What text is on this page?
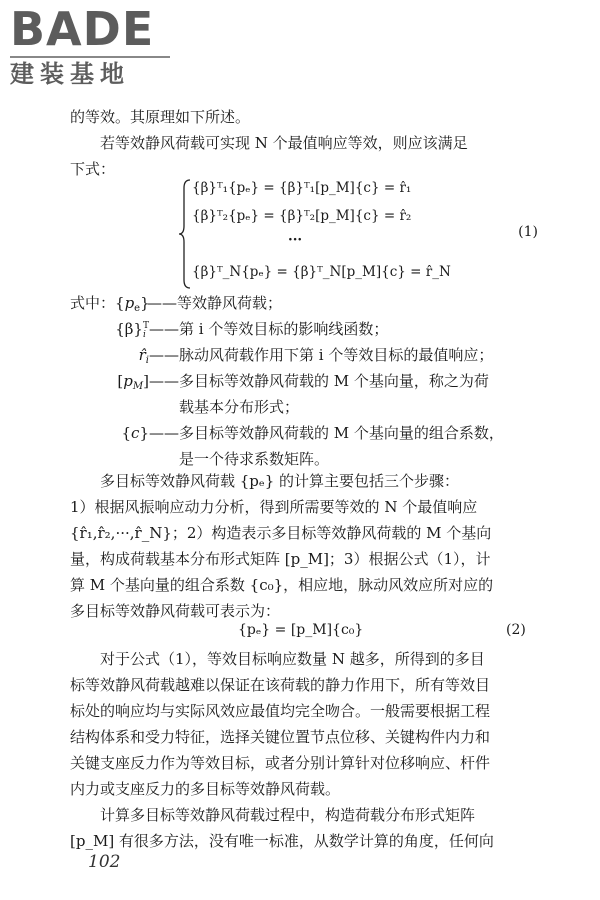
BADE
建装基地

的等效。其原理如下所述。

若等效静风荷载可实现 N 个最值响应等效，则应该满足

下式：

{β}ᵀ₁{pₑ} = {β}ᵀ₁[p_M]{c} = r̂₁
{β}ᵀ₂{pₑ} = {β}ᵀ₂[p_M]{c} = r̂₂
···
{β}ᵀ_N{pₑ} = {β}ᵀ_N[p_M]{c} = r̂_N
(1)
式中：$\{p_e\}——$等效静风荷载；
{β}T
i ——第 i 个等效目标的影响线函数；
$r̂_i——$脉动风荷载作用下第 i 个等效目标的最值响应；
$[p_M]——$多目标等效静风荷载的 M 个基向量，称之为荷
载基本分布形式；
{c}——多目标等效静风荷载的 M 个基向量的组合系数，
是一个待求系数矩阵。

多目标等效静风荷载 {pₑ} 的计算主要包括三个步骤：

1）根据风振响应动力分析，得到所需要等效的 N 个最值响应

{r̂₁,r̂₂,···,r̂_N}；2）构造表示多目标等效静风荷载的 M 个基向

量，构成荷载基本分布形式矩阵 [p_M]；3）根据公式（1），计

算 M 个基向量的组合系数 {c₀}，相应地，脉动风效应所对应的

多目标等效静风荷载可表示为：

{pₑ} = [p_M]{c₀}	(2)

对于公式（1），等效目标响应数量 N 越多，所得到的多目

标等效静风荷载越难以保证在该荷载的静力作用下，所有等效目

标处的响应均与实际风效应最值均完全吻合。一般需要根据工程

结构体系和受力特征，选择关键位置节点位移、关键构件内力和

关键支座反力作为等效目标，或者分别计算针对位移响应、杆件

内力或支座反力的多目标等效静风荷载。

计算多目标等效静风荷载过程中，构造荷载分布形式矩阵

[p_M] 有很多方法，没有唯一标准，从数学计算的角度，任何向

102
